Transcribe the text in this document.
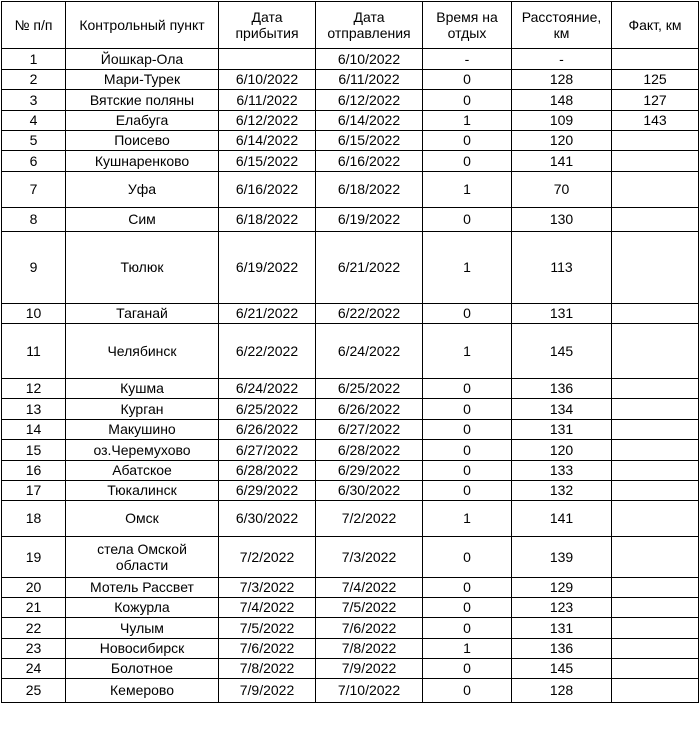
№ п/п	Контрольный пункт	Дата прибытия	Дата отправления	Время на отдых	Расстояние, км	Факт, км
1	Йошкар-Ола		6/10/2022	-	-	
2	Мари-Турек	6/10/2022	6/11/2022	0	128	125
3	Вятские поляны	6/11/2022	6/12/2022	0	148	127
4	Елабуга	6/12/2022	6/14/2022	1	109	143
5	Поисево	6/14/2022	6/15/2022	0	120	
6	Кушнаренково	6/15/2022	6/16/2022	0	141	
7	Уфа	6/16/2022	6/18/2022	1	70	
8	Сим	6/18/2022	6/19/2022	0	130	
9	Тюлюк	6/19/2022	6/21/2022	1	113	
10	Таганай	6/21/2022	6/22/2022	0	131	
11	Челябинск	6/22/2022	6/24/2022	1	145	
12	Кушма	6/24/2022	6/25/2022	0	136	
13	Курган	6/25/2022	6/26/2022	0	134	
14	Макушино	6/26/2022	6/27/2022	0	131	
15	оз.Черемухово	6/27/2022	6/28/2022	0	120	
16	Абатское	6/28/2022	6/29/2022	0	133	
17	Тюкалинск	6/29/2022	6/30/2022	0	132	
18	Омск	6/30/2022	7/2/2022	1	141	
19	стела Омской области	7/2/2022	7/3/2022	0	139	
20	Мотель Рассвет	7/3/2022	7/4/2022	0	129	
21	Кожурла	7/4/2022	7/5/2022	0	123	
22	Чулым	7/5/2022	7/6/2022	0	131	
23	Новосибирск	7/6/2022	7/8/2022	1	136	
24	Болотное	7/8/2022	7/9/2022	0	145	
25	Кемерово	7/9/2022	7/10/2022	0	128	
